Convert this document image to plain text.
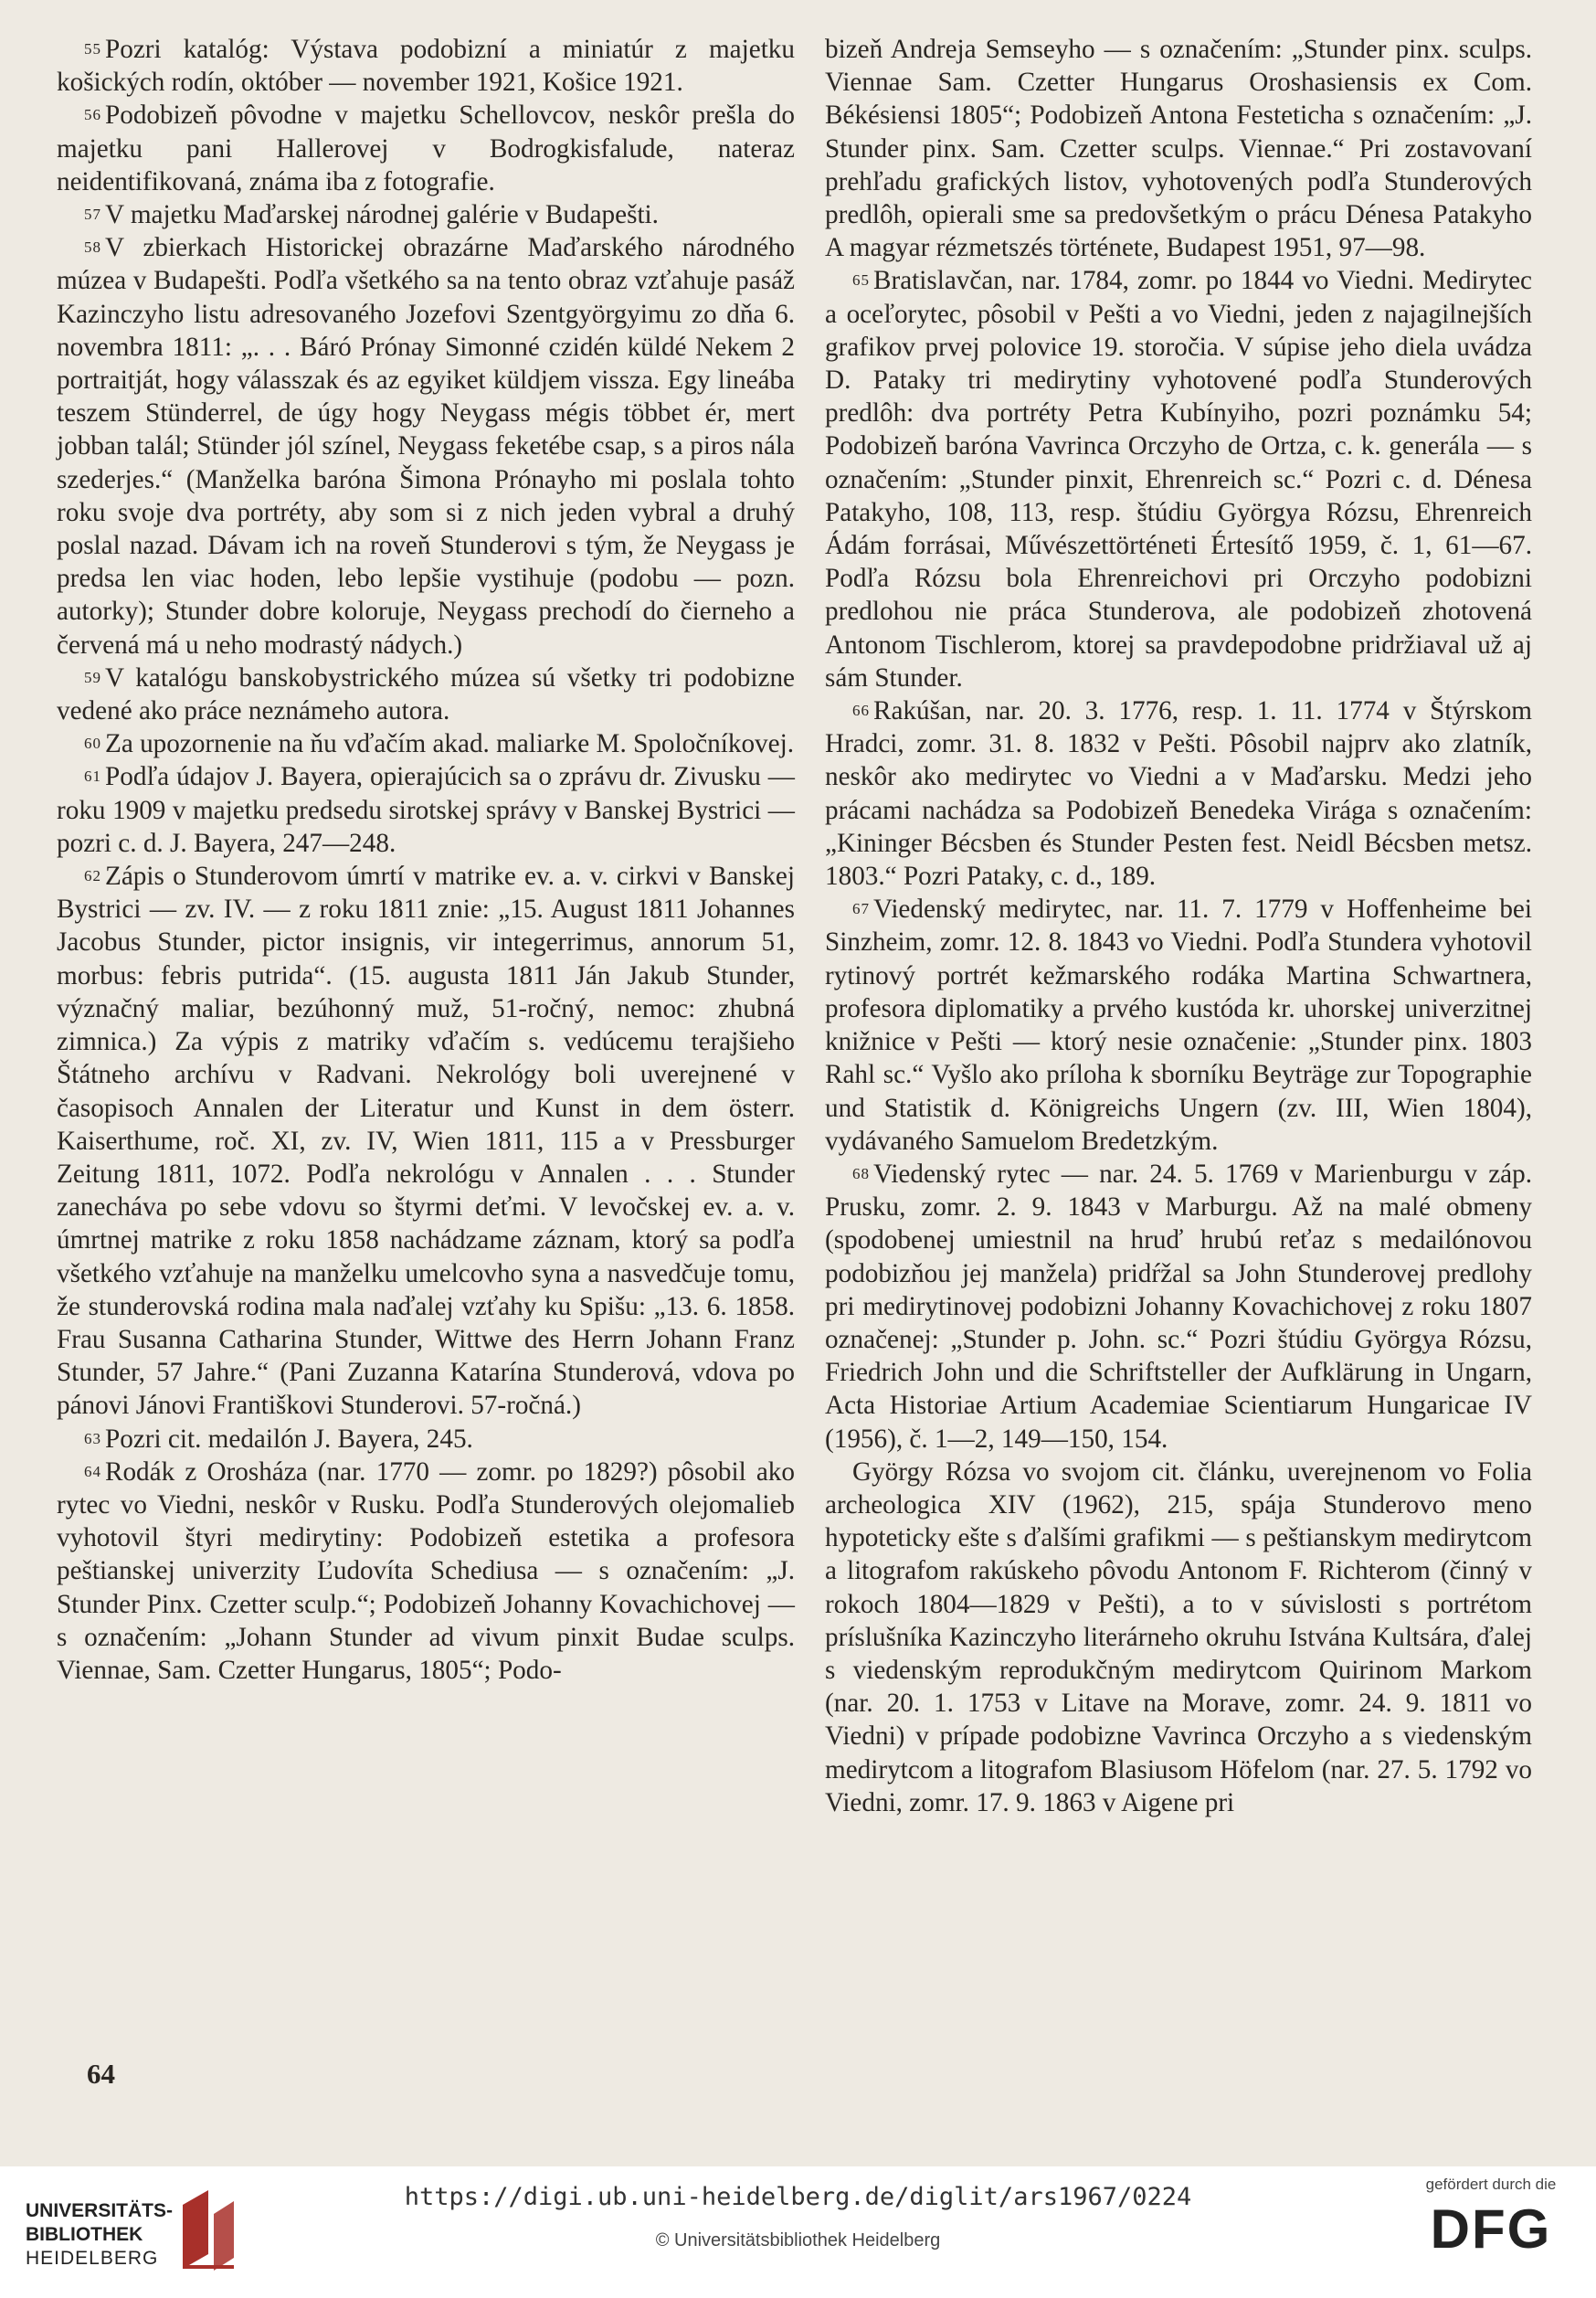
55 Pozri katalóg: Výstava podobizní a miniatúr z majetku košických rodín, október — november 1921, Košice 1921.

56 Podobizeň pôvodne v majetku Schellovcov, neskôr prešla do majetku pani Hallerovej v Bodrogkisfalude, nateraz neidentifikovaná, známa iba z fotografie.

57 V majetku Maďarskej národnej galérie v Budapešti.

58 V zbierkach Historickej obrazárne Maďarského národného múzea v Budapešti. Podľa všetkého sa na tento obraz vzťahuje pasáž Kazinczyho listu adresovaného Jozefovi Szentgyörgyimu zo dňa 6. novembra 1811: „. . . Báró Prónay Simonné czidén küldé Nekem 2 portraitját, hogy válasszak és az egyiket küldjem vissza. Egy lineába teszem Stünderrel, de úgy hogy Neygass mégis többet ér, mert jobban talál; Stünder jól színel, Neygass feketébe csap, s a piros nála szederjes.“ (Manželka baróna Šimona Prónayho mi poslala tohto roku svoje dva portréty, aby som si z nich jeden vybral a druhý poslal nazad. Dávam ich na roveň Stunderovi s tým, že Neygass je predsa len viac hoden, lebo lepšie vystihuje (podobu — pozn. autorky); Stunder dobre koloruje, Neygass prechodí do čierneho a červená má u neho modrastý nádych.)

59 V katalógu banskobystrického múzea sú všetky tri podobizne vedené ako práce neznámeho autora.

60 Za upozornenie na ňu vďačím akad. maliarke M. Spoločníkovej.

61 Podľa údajov J. Bayera, opierajúcich sa o zprávu dr. Zivusku — roku 1909 v majetku predsedu sirotskej správy v Banskej Bystrici — pozri c. d. J. Bayera, 247—248.

62 Zápis o Stunderovom úmrtí v matrike ev. a. v. cirkvi v Banskej Bystrici — zv. IV. — z roku 1811 znie: „15. August 1811 Johannes Jacobus Stunder, pictor insignis, vir integerrimus, annorum 51, morbus: febris putrida“. (15. augusta 1811 Ján Jakub Stunder, význačný maliar, bezúhonný muž, 51-ročný, nemoc: zhubná zimnica.) Za výpis z matriky vďačím s. vedúcemu terajšieho Štátneho archívu v Radvani. Nekrológy boli uverejnené v časopisoch Annalen der Literatur und Kunst in dem österr. Kaiserthume, roč. XI, zv. IV, Wien 1811, 115 a v Pressburger Zeitung 1811, 1072. Podľa nekrológu v Annalen . . . Stunder zanecháva po sebe vdovu so štyrmi deťmi. V levočskej ev. a. v. úmrtnej matrike z roku 1858 nachádzame záznam, ktorý sa podľa všetkého vzťahuje na manželku umelcovho syna a nasvedčuje tomu, že stunderovská rodina mala naďalej vzťahy ku Spišu: „13. 6. 1858. Frau Susanna Catharina Stunder, Wittwe des Herrn Johann Franz Stunder, 57 Jahre.“ (Pani Zuzanna Katarína Stunderová, vdova po pánovi Jánovi Františkovi Stunderovi. 57-ročná.)

63 Pozri cit. medailón J. Bayera, 245.

64 Rodák z Orosháza (nar. 1770 — zomr. po 1829?) pôsobil ako rytec vo Viedni, neskôr v Rusku. Podľa Stunderových olejomalieb vyhotovil štyri medirytiny: Podobizeň estetika a profesora peštianskej univerzity Ľudovíta Schediusa — s označením: „J. Stunder Pinx. Czetter sculp.“; Podobizeň Johanny Kovachichovej — s označením: „Johann Stunder ad vivum pinxit Budae sculps. Viennae, Sam. Czetter Hungarus, 1805“; Podo-

bizeň Andreja Semseyho — s označením: „Stunder pinx. sculps. Viennae Sam. Czetter Hungarus Oroshasiensis ex Com. Békésiensi 1805“; Podobizeň Antona Festeticha s označením: „J. Stunder pinx. Sam. Czetter sculps. Viennae.“ Pri zostavovaní prehľadu grafických listov, vyhotovených podľa Stunderových predlôh, opierali sme sa predovšetkým o prácu Dénesa Patakyho A magyar rézmetszés története, Budapest 1951, 97—98.

65 Bratislavčan, nar. 1784, zomr. po 1844 vo Viedni. Medirytec a oceľorytec, pôsobil v Pešti a vo Viedni, jeden z najagilnejších grafikov prvej polovice 19. storočia. V súpise jeho diela uvádza D. Pataky tri medirytiny vyhotovené podľa Stunderových predlôh: dva portréty Petra Kubínyiho, pozri poznámku 54; Podobizeň baróna Vavrinca Orczyho de Ortza, c. k. generála — s označením: „Stunder pinxit, Ehrenreich sc.“ Pozri c. d. Dénesa Patakyho, 108, 113, resp. štúdiu Györgya Rózsu, Ehrenreich Ádám forrásai, Művészettörténeti Értesítő 1959, č. 1, 61—67. Podľa Rózsu bola Ehrenreichovi pri Orczyho podobizni predlohou nie práca Stunderova, ale podobizeň zhotovená Antonom Tischlerom, ktorej sa pravdepodobne pridržiaval už aj sám Stunder.

66 Rakúšan, nar. 20. 3. 1776, resp. 1. 11. 1774 v Štýrskom Hradci, zomr. 31. 8. 1832 v Pešti. Pôsobil najprv ako zlatník, neskôr ako medirytec vo Viedni a v Maďarsku. Medzi jeho prácami nachádza sa Podobizeň Benedeka Virága s označením: „Kininger Bécsben és Stunder Pesten fest. Neidl Bécsben metsz. 1803.“ Pozri Pataky, c. d., 189.

67 Viedenský medirytec, nar. 11. 7. 1779 v Hoffenheime bei Sinzheim, zomr. 12. 8. 1843 vo Viedni. Podľa Stundera vyhotovil rytinový portrét kežmarského rodáka Martina Schwartnera, profesora diplomatiky a prvého kustóda kr. uhorskej univerzitnej knižnice v Pešti — ktorý nesie označenie: „Stunder pinx. 1803 Rahl sc.“ Vyšlo ako príloha k sborníku Beyträge zur Topographie und Statistik d. Königreichs Ungern (zv. III, Wien 1804), vydávaného Samuelom Bredetzkým.

68 Viedenský rytec — nar. 24. 5. 1769 v Marienburgu v záp. Prusku, zomr. 2. 9. 1843 v Marburgu. Až na malé obmeny (spodobenej umiestnil na hruď hrubú reťaz s medailónovou podobizňou jej manžela) pridŕžal sa John Stunderovej predlohy pri medirytinovej podobizni Johanny Kovachichovej z roku 1807 označenej: „Stunder p. John. sc.“ Pozri štúdiu Györgya Rózsu, Friedrich John und die Schriftsteller der Aufklärung in Ungarn, Acta Historiae Artium Academiae Scientiarum Hungaricae IV (1956), č. 1—2, 149—150, 154.

György Rózsa vo svojom cit. článku, uverejnenom vo Folia archeologica XIV (1962), 215, spája Stunderovo meno hypoteticky ešte s ďalšími grafikmi — s peštianskym medirytcom a litografom rakúskeho pôvodu Antonom F. Richterom (činný v rokoch 1804—1829 v Pešti), a to v súvislosti s portrétom príslušníka Kazinczyho literárneho okruhu Istvána Kultsára, ďalej s viedenským reprodukčným medirytcom Quirinom Markom (nar. 20. 1. 1753 v Litave na Morave, zomr. 24. 9. 1811 vo Viedni) v prípade podobizne Vavrinca Orczyho a s viedenským medirytcom a litografom Blasiusom Höfelom (nar. 27. 5. 1792 vo Viedni, zomr. 17. 9. 1863 v Aigene pri

64
UNIVERSITÄTS-
BIBLIOTHEK
HEIDELBERG
https://digi.ub.uni-heidelberg.de/diglit/ars1967/0224
© Universitätsbibliothek Heidelberg
gefördert durch die
DFG
